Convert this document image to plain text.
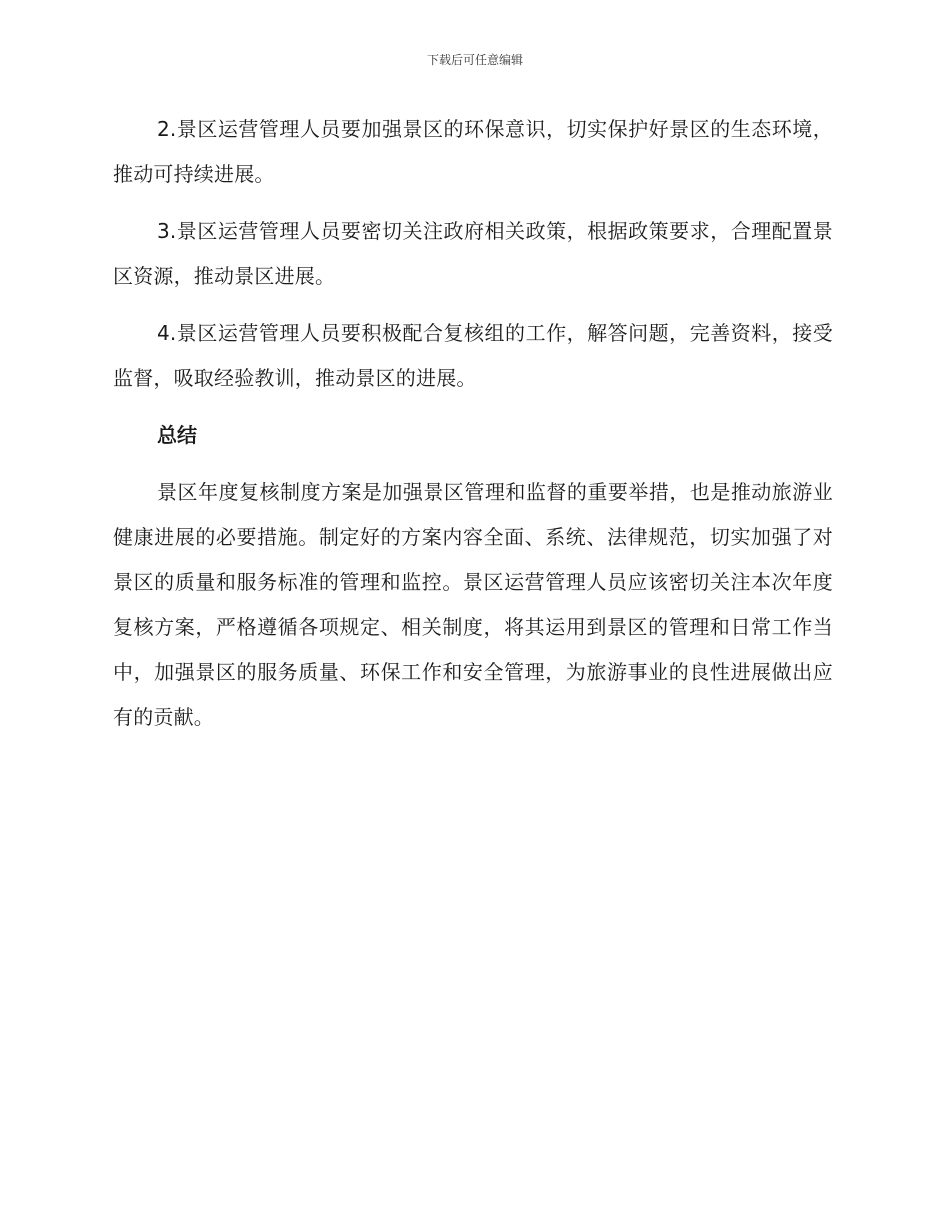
下载后可任意编辑

2.景区运营管理人员要加强景区的环保意识，切实保护好景区的生态环境，推动可持续进展。

3.景区运营管理人员要密切关注政府相关政策，根据政策要求，合理配置景区资源，推动景区进展。

4.景区运营管理人员要积极配合复核组的工作，解答问题，完善资料，接受监督，吸取经验教训，推动景区的进展。

总结

景区年度复核制度方案是加强景区管理和监督的重要举措，也是推动旅游业健康进展的必要措施。制定好的方案内容全面、系统、法律规范，切实加强了对景区的质量和服务标准的管理和监控。景区运营管理人员应该密切关注本次年度复核方案，严格遵循各项规定、相关制度，将其运用到景区的管理和日常工作当中，加强景区的服务质量、环保工作和安全管理，为旅游事业的良性进展做出应有的贡献。
